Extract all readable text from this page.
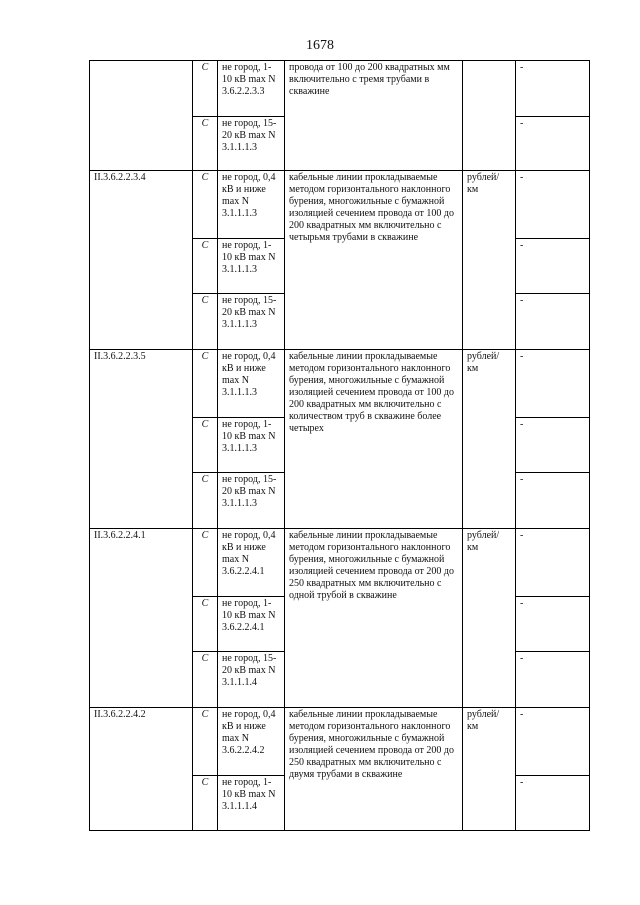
1678
	C	не город, 1-10 кВ max N 3.6.2.2.3.3	провода от 100 до 200 квадратных мм включительно с тремя трубами в скважине		-
	C	не город, 15-20 кВ max N 3.1.1.1.3			-
II.3.6.2.2.3.4	C	не город, 0,4 кВ и ниже max N 3.1.1.1.3	кабельные линии прокладываемые методом горизонтального наклонного бурения, многожильные с бумажной изоляцией сечением провода от 100 до 200 квадратных мм включительно с четырьмя трубами в скважине	рублей/ км	-
	C	не город, 1-10 кВ max N 3.1.1.1.3			-
	C	не город, 15-20 кВ max N 3.1.1.1.3			-
II.3.6.2.2.3.5	C	не город, 0,4 кВ и ниже max N 3.1.1.1.3	кабельные линии прокладываемые методом горизонтального наклонного бурения, многожильные с бумажной изоляцией сечением провода от 100 до 200 квадратных мм включительно с количеством труб в скважине более четырех	рублей/ км	-
	C	не город, 1-10 кВ max N 3.1.1.1.3			-
	C	не город, 15-20 кВ max N 3.1.1.1.3			-
II.3.6.2.2.4.1	C	не город, 0,4 кВ и ниже max N 3.6.2.2.4.1	кабельные линии прокладываемые методом горизонтального наклонного бурения, многожильные с бумажной изоляцией сечением провода от 200 до 250 квадратных мм включительно с одной трубой в скважине	рублей/ км	-
	C	не город, 1-10 кВ max N 3.6.2.2.4.1			-
	C	не город, 15-20 кВ max N 3.1.1.1.4			-
II.3.6.2.2.4.2	C	не город, 0,4 кВ и ниже max N 3.6.2.2.4.2	кабельные линии прокладываемые методом горизонтального наклонного бурения, многожильные с бумажной изоляцией сечением провода от 200 до 250 квадратных мм включительно с двумя трубами в скважине	рублей/ км	-
	C	не город, 1-10 кВ max N 3.1.1.1.4			-
